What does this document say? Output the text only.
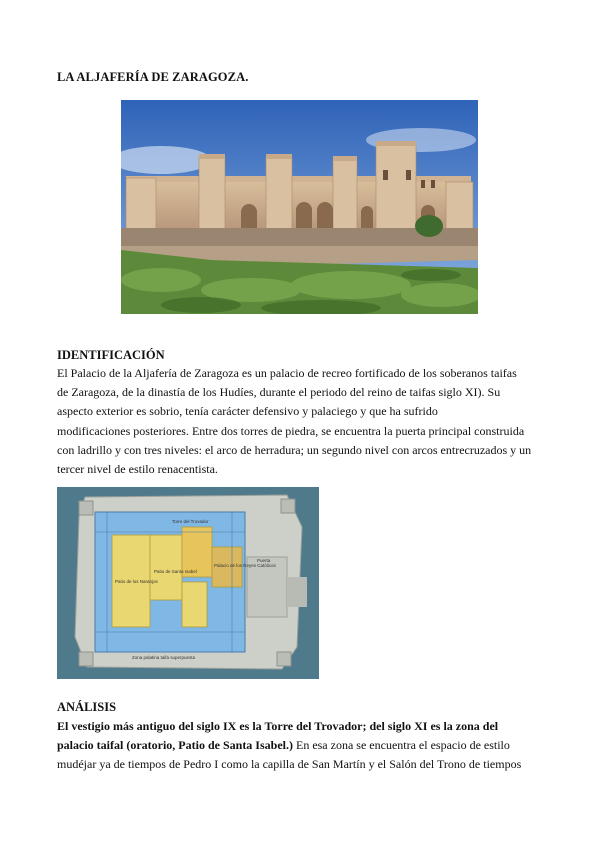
LA ALJAFERÍA DE ZARAGOZA.
IDENTIFICACIÓN
El Palacio de la Aljafería de Zaragoza es un palacio de recreo fortificado de los soberanos taifas
de Zaragoza, de la dinastía de los Hudíes, durante el periodo del reino de taifas siglo XI). Su
aspecto exterior es sobrio, tenía carácter defensivo y palaciego y que ha sufrido
modificaciones posteriores. Entre dos torres de piedra, se encuentra la puerta principal construida
con ladrillo y con tres niveles: el arco de herradura; un segundo nivel con arcos entrecruzados y un
tercer nivel de estilo renacentista.
Torre del Trovador
Patio de los Naranjos
Patio de Santa Isabel
Palacio de los Reyes Católicos
Puerta
Zona palatina taifa superpuesta
ANÁLISIS
El vestigio más antiguo del siglo IX es la Torre del Trovador; del siglo XI es la zona del
palacio taifal (oratorio, Patio de Santa Isabel.) En esa zona se encuentra el espacio de estilo
mudéjar ya de tiempos de Pedro I como la capilla de San Martín y el Salón del Trono de tiempos
